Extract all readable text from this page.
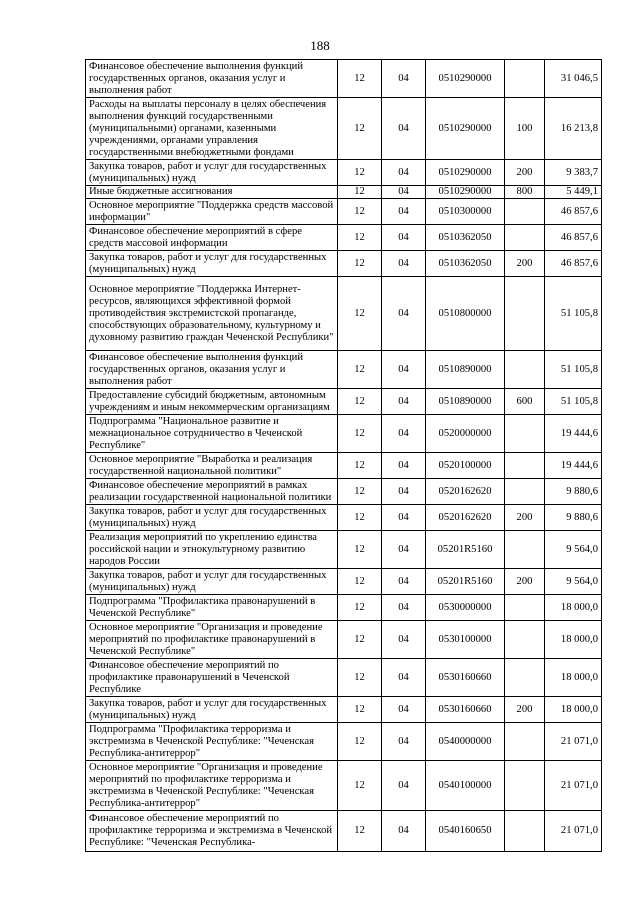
188
Финансовое обеспечение выполнения функций государственных органов, оказания услуг и выполнения работ	12	04	0510290000		31 046,5
Расходы на выплаты персоналу в целях обеспечения выполнения функций государственными (муниципальными) органами, казенными учреждениями, органами управления государственными внебюджетными фондами	12	04	0510290000	100	16 213,8
Закупка товаров, работ и услуг для государственных (муниципальных) нужд	12	04	0510290000	200	9 383,7
Иные бюджетные ассигнования	12	04	0510290000	800	5 449,1
Основное мероприятие "Поддержка средств массовой информации"	12	04	0510300000		46 857,6
Финансовое обеспечение мероприятий в сфере средств массовой информации	12	04	0510362050		46 857,6
Закупка товаров, работ и услуг для государственных (муниципальных) нужд	12	04	0510362050	200	46 857,6
Основное мероприятие "Поддержка Интернет-ресурсов, являющихся эффективной формой противодействия экстремистской пропаганде, способствующих образовательному, культурному и духовному развитию граждан Чеченской Республики"	12	04	0510800000		51 105,8
Финансовое обеспечение выполнения функций государственных органов, оказания услуг и выполнения работ	12	04	0510890000		51 105,8
Предоставление субсидий бюджетным, автономным учреждениям и иным некоммерческим организациям	12	04	0510890000	600	51 105,8
Подпрограмма "Национальное развитие и межнациональное сотрудничество в Чеченской Республике"	12	04	0520000000		19 444,6
Основное мероприятие "Выработка и реализация государственной национальной политики"	12	04	0520100000		19 444,6
Финансовое обеспечение мероприятий в рамках реализации государственной национальной политики	12	04	0520162620		9 880,6
Закупка товаров, работ и услуг для государственных (муниципальных) нужд	12	04	0520162620	200	9 880,6
Реализация мероприятий по укреплению единства российской нации и этнокультурному развитию народов России	12	04	05201R5160		9 564,0
Закупка товаров, работ и услуг для государственных (муниципальных) нужд	12	04	05201R5160	200	9 564,0
Подпрограмма "Профилактика правонарушений в Чеченской Республике"	12	04	0530000000		18 000,0
Основное мероприятие "Организация и проведение мероприятий по профилактике правонарушений в Чеченской Республике"	12	04	0530100000		18 000,0
Финансовое обеспечение мероприятий по профилактике правонарушений в Чеченской Республике	12	04	0530160660		18 000,0
Закупка товаров, работ и услуг для государственных (муниципальных) нужд	12	04	0530160660	200	18 000,0
Подпрограмма "Профилактика терроризма и экстремизма в Чеченской Республике: "Чеченская Республика-антитеррор"	12	04	0540000000		21 071,0
Основное мероприятие "Организация и проведение мероприятий по профилактике терроризма и экстремизма в Чеченской Республике: "Чеченская Республика-антитеррор"	12	04	0540100000		21 071,0
Финансовое обеспечение мероприятий по профилактике терроризма и экстремизма в Чеченской Республике: "Чеченская Республика-	12	04	0540160650		21 071,0
